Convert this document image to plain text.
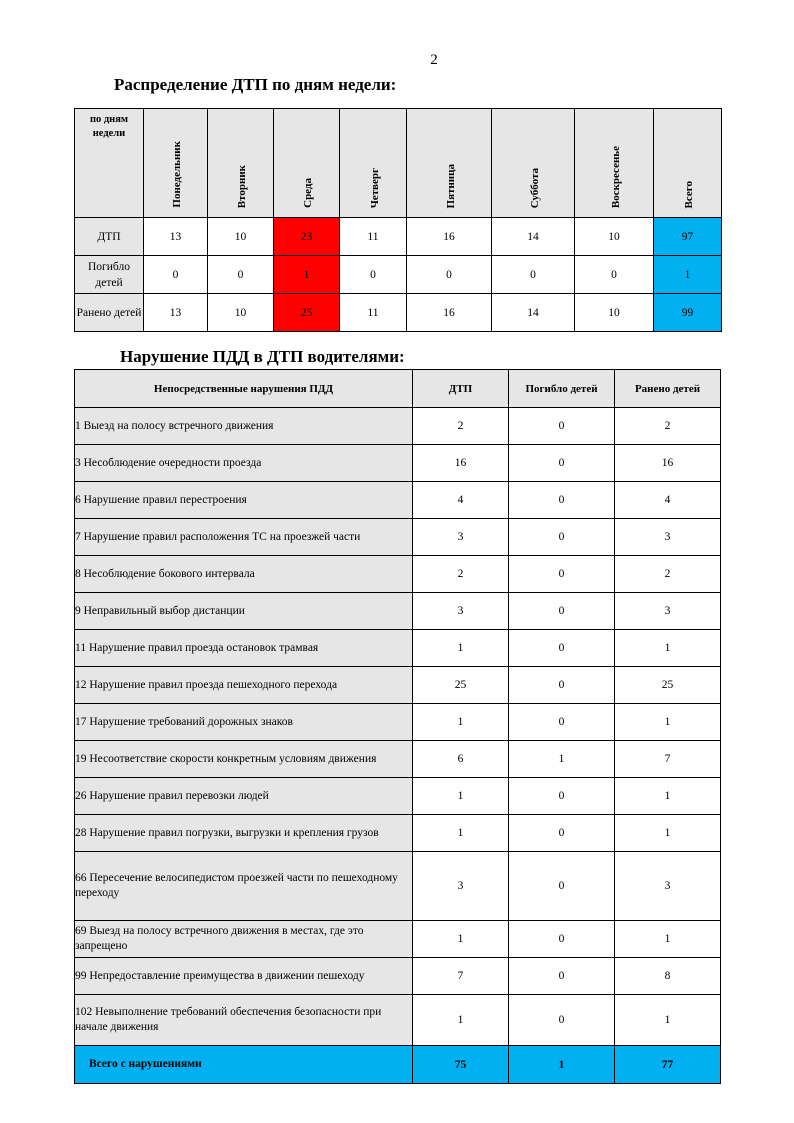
2
Распределение ДТП по дням недели:
по дням недели	Понедельник	Вторник	Среда	Четверг	Пятница	Суббота	Воскресенье	Всего
ДТП	13	10	23	11	16	14	10	97
Погибло детей	0	0	1	0	0	0	0	1
Ранено детей	13	10	25	11	16	14	10	99
Нарушение ПДД в ДТП водителями:
Непосредственные нарушения ПДД	ДТП	Погибло детей	Ранено детей
1 Выезд на полосу встречного движения	2	0	2
3 Несоблюдение очередности проезда	16	0	16
6 Нарушение правил перестроения	4	0	4
7 Нарушение правил расположения ТС на проезжей части	3	0	3
8 Несоблюдение бокового интервала	2	0	2
9 Неправильный выбор дистанции	3	0	3
11 Нарушение правил проезда остановок трамвая	1	0	1
12 Нарушение правил проезда пешеходного перехода	25	0	25
17 Нарушение требований дорожных знаков	1	0	1
19 Несоответствие скорости конкретным условиям движения	6	1	7
26 Нарушение правил перевозки людей	1	0	1
28 Нарушение правил погрузки, выгрузки и крепления грузов	1	0	1
66 Пересечение велосипедистом проезжей части по пешеходному переходу	3	0	3
69 Выезд на полосу встречного движения в местах, где это запрещено	1	0	1
99 Непредоставление преимущества в движении пешеходу	7	0	8
102 Невыполнение требований обеспечения безопасности при начале движения	1	0	1
Всего с нарушениями	75	1	77
